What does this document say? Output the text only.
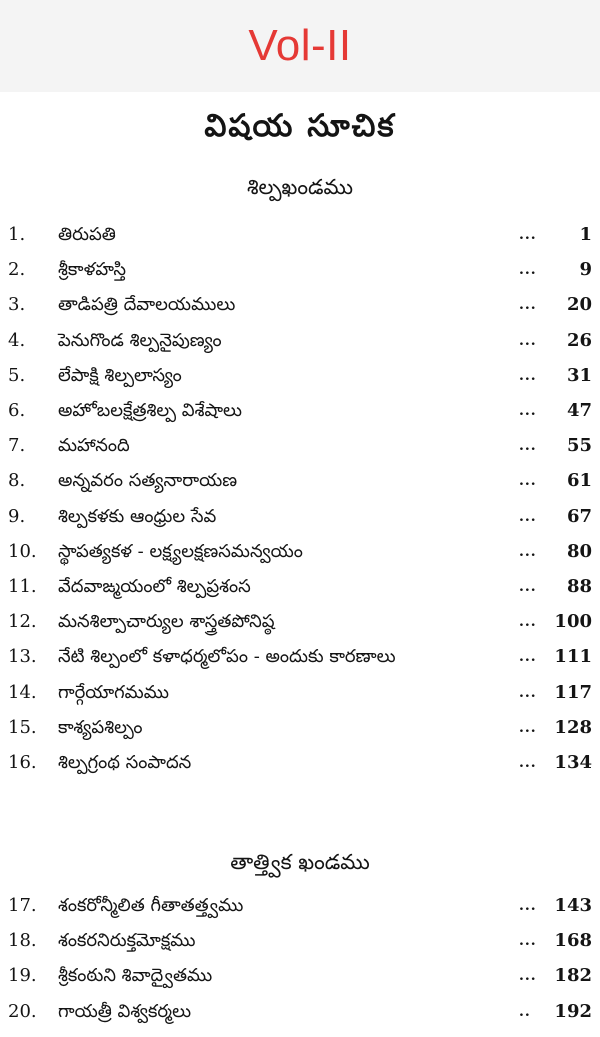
Vol-II
విషయ సూచిక
శిల్పఖండము
తాత్త్విక ఖండము
1.	తిరుపతి	...	1
2.	శ్రీకాళహస్తి	...	9
3.	తాడిపత్రి దేవాలయములు	...	20
4.	పెనుగొండ శిల్పనైపుణ్యం	...	26
5.	లేపాక్షి శిల్పలాస్యం	...	31
6.	అహోబలక్షేత్రశిల్ప విశేషాలు	...	47
7.	మహానంది	...	55
8.	అన్నవరం సత్యనారాయణ	...	61
9.	శిల్పకళకు ఆంధ్రుల సేవ	...	67
10.	స్థాపత్యకళ - లక్ష్యలక్షణసమన్వయం	...	80
11.	వేదవాఙ్మయంలో శిల్పప్రశంస	...	88
12.	మనశిల్పాచార్యుల శాస్త్రతపోనిష్ఠ	... 100
13.	నేటి శిల్పంలో కళాధర్మలోపం - అందుకు కారణాలు	... 111
14.	గార్గేయాగమము	... 117
15.	కాశ్యపశిల్పం	... 128
16.	శిల్పగ్రంథ సంపాదన	... 134
17.	శంకరోన్మీలిత గీతాతత్త్వము	... 143
18.	శంకరనిరుక్తమోక్షము	... 168
19.	శ్రీకంఠుని శివాద్వైతము	... 182
20.	గాయత్రీ విశ్వకర్మలు	..	192
